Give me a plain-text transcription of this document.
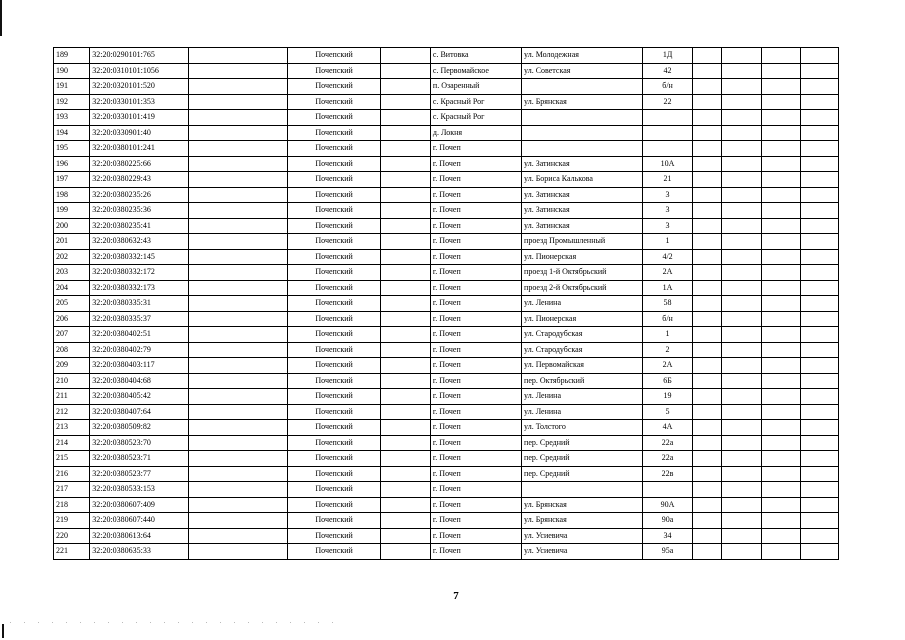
189	32:20:0290101:765		Почепский		с. Витовка	ул. Молодежная	1Д				
190	32:20:0310101:1056		Почепский		с. Первомайское	ул. Советская	42				
191	32:20:0320101:520		Почепский		п. Озаренный		б/н				
192	32:20:0330101:353		Почепский		с. Красный Рог	ул. Брянская	22				
193	32:20:0330101:419		Почепский		с. Красный Рог						
194	32:20:0330901:40		Почепский		д. Локня						
195	32:20:0380101:241		Почепский		г. Почеп						
196	32:20:0380225:66		Почепский		г. Почеп	ул. Затинская	10А				
197	32:20:0380229:43		Почепский		г. Почеп	ул. Бориса Калькова	21				
198	32:20:0380235:26		Почепский		г. Почеп	ул. Затинская	3				
199	32:20:0380235:36		Почепский		г. Почеп	ул. Затинская	3				
200	32:20:0380235:41		Почепский		г. Почеп	ул. Затинская	3				
201	32:20:0380632:43		Почепский		г. Почеп	проезд Промышленный	1				
202	32:20:0380332:145		Почепский		г. Почеп	ул. Пионерская	4/2				
203	32:20:0380332:172		Почепский		г. Почеп	проезд 1-й Октябрьский	2А				
204	32:20:0380332:173		Почепский		г. Почеп	проезд 2-й Октябрьский	1А				
205	32:20:0380335:31		Почепский		г. Почеп	ул. Ленина	58				
206	32:20:0380335:37		Почепский		г. Почеп	ул. Пионерская	б/н				
207	32:20:0380402:51		Почепский		г. Почеп	ул. Стародубская	1				
208	32:20:0380402:79		Почепский		г. Почеп	ул. Стародубская	2				
209	32:20:0380403:117		Почепский		г. Почеп	ул. Первомайская	2А				
210	32:20:0380404:68		Почепский		г. Почеп	пер. Октябрьский	6Б				
211	32:20:0380405:42		Почепский		г. Почеп	ул. Ленина	19				
212	32:20:0380407:64		Почепский		г. Почеп	ул. Ленина	5				
213	32:20:0380509:82		Почепский		г. Почеп	ул. Толстого	4А				
214	32:20:0380523:70		Почепский		г. Почеп	пер. Средний	22а				
215	32:20:0380523:71		Почепский		г. Почеп	пер. Средний	22а				
216	32:20:0380523:77		Почепский		г. Почеп	пер. Средний	22в				
217	32:20:0380533:153		Почепский		г. Почеп						
218	32:20:0380607:409		Почепский		г. Почеп	ул. Брянская	90А				
219	32:20:0380607:440		Почепский		г. Почеп	ул. Брянская	90а				
220	32:20:0380613:64		Почепский		г. Почеп	ул. Усиевича	34				
221	32:20:0380635:33		Почепский		г. Почеп	ул. Усиевича	95а				
7
